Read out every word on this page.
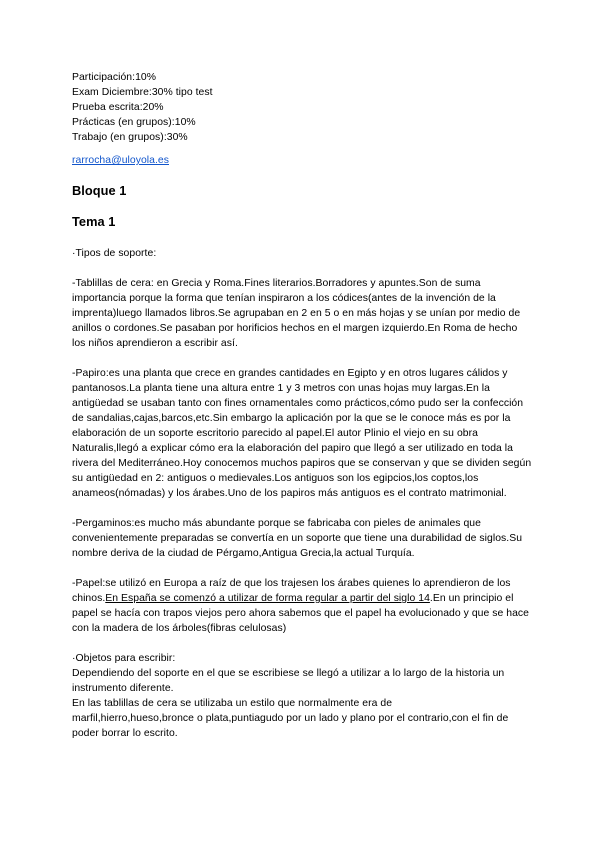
Participación:10%
Exam Diciembre:30% tipo test
Prueba escrita:20%
Prácticas (en grupos):10%
Trabajo (en grupos):30%
rarrocha@uloyola.es
Bloque 1
Tema 1

·Tipos de soporte:

-Tablillas de cera: en Grecia y Roma.Fines literarios.Borradores y apuntes.Son de suma importancia porque la forma que tenían inspiraron a los códices(antes de la invención de la imprenta)luego llamados libros.Se agrupaban en 2 en 5 o en más hojas y se unían por medio de anillos o cordones.Se pasaban por horificios hechos en el margen izquierdo.En Roma de hecho los niños aprendieron a escribir así.

-Papiro:es una planta que crece en grandes cantidades en Egipto y en otros lugares cálidos y pantanosos.La planta tiene una altura entre 1 y 3 metros con unas hojas muy largas.En la antigüedad se usaban tanto con fines ornamentales como prácticos,cómo pudo ser la confección de sandalias,cajas,barcos,etc.Sin embargo la aplicación por la que se le conoce más es por la elaboración de un soporte escritorio parecido al papel.El autor Plinio el viejo en su obra Naturalis,llegó a explicar cómo era la elaboración del papiro que llegó a ser utilizado en toda la rivera del Mediterráneo.Hoy conocemos muchos papiros que se conservan y que se dividen según su antigüedad en 2: antiguos o medievales.Los antiguos son los egipcios,los coptos,los anameos(nómadas) y los árabes.Uno de los papiros más antiguos es el contrato matrimonial.

-Pergaminos:es mucho más abundante porque se fabricaba con pieles de animales que convenientemente preparadas se convertía en un soporte que tiene una durabilidad de siglos.Su nombre deriva de la ciudad de Pérgamo,Antigua Grecia,la actual Turquía.

-Papel:se utilizó en Europa a raíz de que los trajesen los árabes quienes lo aprendieron de los chinos.En España se comenzó a utilizar de forma regular a partir del siglo 14.En un principio el papel se hacía con trapos viejos pero ahora sabemos que el papel ha evolucionado y que se hace con la madera de los árboles(fibras celulosas)

·Objetos para escribir:
Dependiendo del soporte en el que se escribiese se llegó a utilizar a lo largo de la historia un instrumento diferente.
En las tablillas de cera se utilizaba un estilo que normalmente era de
marfil,hierro,hueso,bronce o plata,puntiagudo por un lado y plano por el contrario,con el fin de poder borrar lo escrito.
